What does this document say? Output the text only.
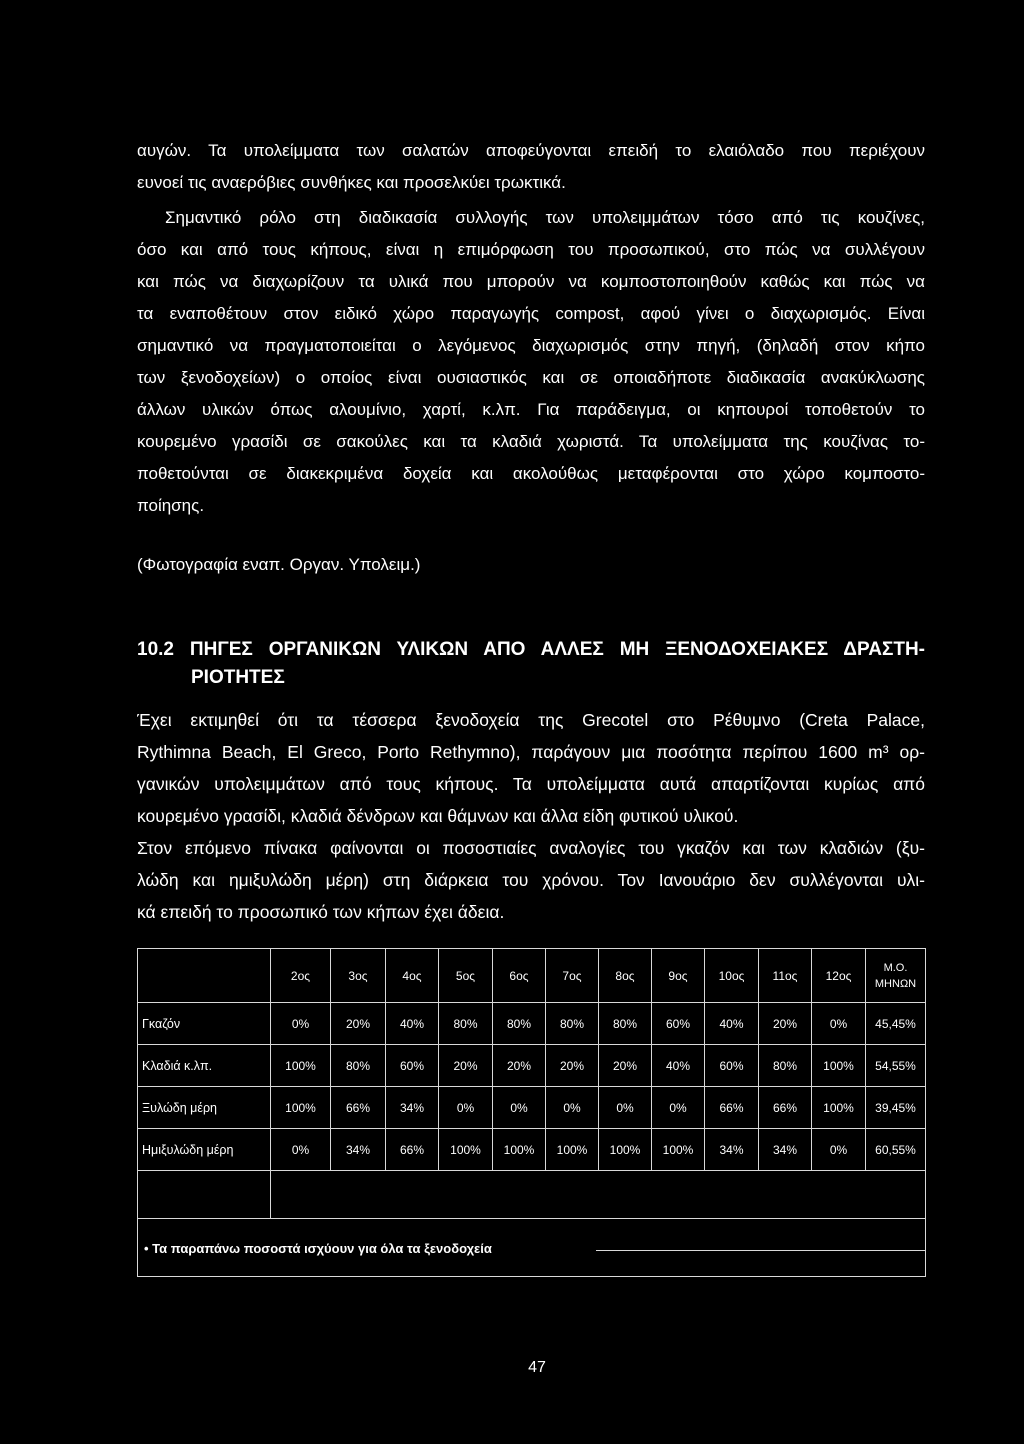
αυγών. Τα υπολείμματα των σαλατών αποφεύγονται επειδή το ελαιόλαδο που περιέχουν
ευνοεί τις αναερόβιες συνθήκες και προσελκύει τρωκτικά.
Σημαντικό ρόλο στη διαδικασία συλλογής των υπολειμμάτων τόσο από τις κουζίνες,
όσο και από τους κήπους, είναι η επιμόρφωση του προσωπικού, στο πώς να συλλέγουν
και πώς να διαχωρίζουν τα υλικά που μπορούν να κομποστοποιηθούν καθώς και πώς να
τα εναποθέτουν στον ειδικό χώρο παραγωγής compost, αφού γίνει ο διαχωρισμός. Είναι
σημαντικό να πραγματοποιείται ο λεγόμενος διαχωρισμός στην πηγή, (δηλαδή στον κήπο
των ξενοδοχείων) ο οποίος είναι ουσιαστικός και σε οποιαδήποτε διαδικασία ανακύκλωσης
άλλων υλικών όπως αλουμίνιο, χαρτί, κ.λπ. Για παράδειγμα, οι κηπουροί τοποθετούν το
κουρεμένο γρασίδι σε σακούλες και τα κλαδιά χωριστά. Τα υπολείμματα της κουζίνας το-
ποθετούνται σε διακεκριμένα δοχεία και ακολούθως μεταφέρονται στο χώρο κομποστο-
ποίησης.
(Φωτογραφία εναπ. Οργαν. Υπολειμ.)
10.2 ΠΗΓΕΣ ΟΡΓΑΝΙΚΩΝ ΥΛΙΚΩΝ ΑΠΟ ΑΛΛΕΣ ΜΗ ΞΕΝΟΔΟΧΕΙΑΚΕΣ ΔΡΑΣΤΗ-
ΡΙΟΤΗΤΕΣ
Έχει εκτιμηθεί ότι τα τέσσερα ξενοδοχεία της Grecotel στο Ρέθυμνο (Creta Palace,
Rythimna Beach, El Greco, Porto Rethymno), παράγουν μια ποσότητα περίπου 1600 m³ ορ-
γανικών υπολειμμάτων από τους κήπους. Τα υπολείμματα αυτά απαρτίζονται κυρίως από
κουρεμένο γρασίδι, κλαδιά δένδρων και θάμνων και άλλα είδη φυτικού υλικού.
Στον επόμενο πίνακα φαίνονται οι ποσοστιαίες αναλογίες του γκαζόν και των κλαδιών (ξυ-
λώδη και ημιξυλώδη μέρη) στη διάρκεια του χρόνου. Τον Ιανουάριο δεν συλλέγονται υλι-
κά επειδή το προσωπικό των κήπων έχει άδεια.
	2ος	3ος	4ος	5ος	6ος	7ος	8ος	9ος	10ος	11ος	12ος	Μ.Ο.
ΜΗΝΩΝ

Γκαζόν	0%	20%	40%	80%	80%	80%	80%	60%	40%	20%	0%	45,45%
Κλαδιά κ.λπ.	100%	80%	60%	20%	20%	20%	20%	40%	60%	80%	100%	54,55%
Ξυλώδη μέρη	100%	66%	34%	0%	0%	0%	0%	0%	66%	66%	100%	39,45%
Ημιξυλώδη μέρη	0%	34%	66%	100%	100%	100%	100%	100%	34%	34%	0%	60,55%

• Τα παραπάνω ποσοστά ισχύουν για όλα τα ξενοδοχεία												
47
